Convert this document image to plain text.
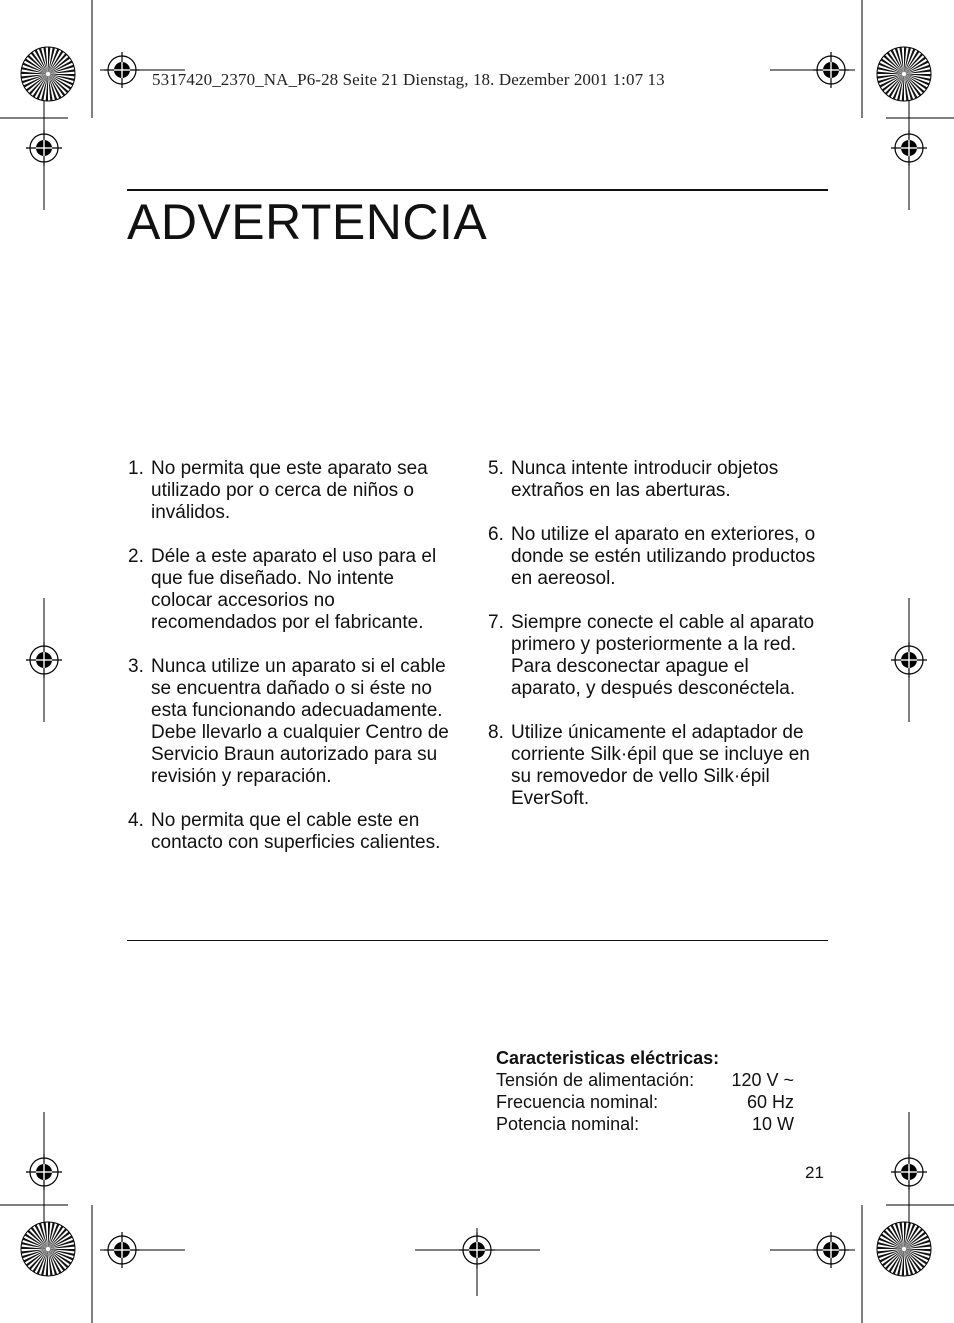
5317420_2370_NA_P6-28 Seite 21 Dienstag, 18. Dezember 2001 1:07 13
ADVERTENCIA
1. No permita que este aparato sea utilizado por o cerca de niños o inválidos.
2. Déle a este aparato el uso para el que fue diseñado. No intente colocar accesorios no recomendados por el fabricante.
3. Nunca utilize un aparato si el cable se encuentra dañado o si éste no esta funcionando adecuadamente. Debe llevarlo a cualquier Centro de Servicio Braun autorizado para su revisión y reparación.
4. No permita que el cable este en contacto con superficies calientes.
5. Nunca intente introducir objetos extraños en las aberturas.
6. No utilize el aparato en exteriores, o donde se estén utilizando productos en aereosol.
7. Siempre conecte el cable al aparato primero y posteriormente a la red. Para desconectar apague el aparato, y después desconéctela.
8. Utilize únicamente el adaptador de corriente Silk·épil que se incluye en su removedor de vello Silk·épil EverSoft.
Caracteristicas eléctricas:
Tensión de alimentación:	120 V ~
Frecuencia nominal:	60 Hz
Potencia nominal:	10 W
21
